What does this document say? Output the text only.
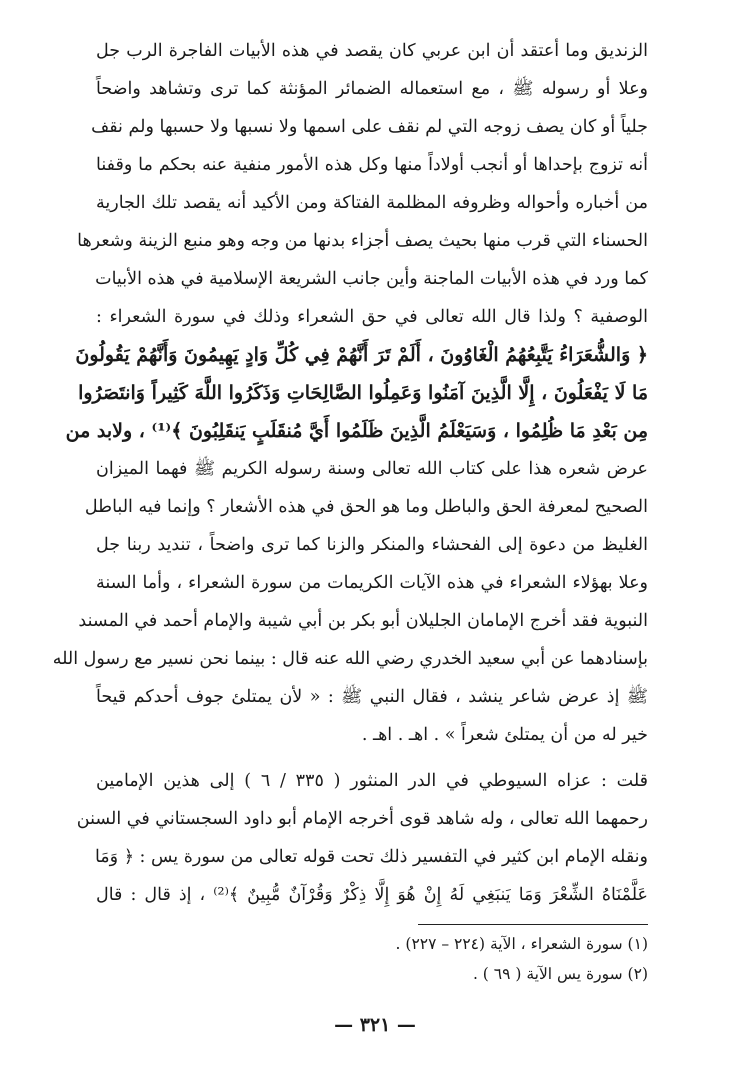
الزنديق وما أعتقد أن ابن عربي كان يقصد في هذه الأبيات الفاجرة الرب جل
وعلا أو رسوله ﷺ ، مع استعماله الضمائر المؤنثة كما ترى وتشاهد واضحاً
جلياً أو كان يصف زوجه التي لم نقف على اسمها ولا نسبها ولا حسبها ولم نقف
أنه تزوج بإحداها أو أنجب أولاداً منها وكل هذه الأمور منفية عنه بحكم ما وقفنا
من أخباره وأحواله وظروفه المظلمة الفتاكة ومن الأكيد أنه يقصد تلك الجارية
الحسناء التي قرب منها بحيث يصف أجزاء بدنها من وجه وهو منبع الزينة وشعرها
كما ورد في هذه الأبيات الماجنة وأين جانب الشريعة الإسلامية في هذه الأبيات
الوصفية ؟ ولذا قال الله تعالى في حق الشعراء وذلك في سورة الشعراء :
﴿ وَالشُّعَرَاءُ يَتَّبِعُهُمُ الْغَاوُونَ ، أَلَمْ تَرَ أَنَّهُمْ فِي كُلِّ وَادٍ يَهِيمُونَ وَأَنَّهُمْ يَقُولُونَ
مَا لَا يَفْعَلُونَ ، إِلَّا الَّذِينَ آمَنُوا وَعَمِلُوا الصَّالِحَاتِ وَذَكَرُوا اللَّهَ كَثِيراً وَانتَصَرُوا
مِن بَعْدِ مَا ظُلِمُوا ، وَسَيَعْلَمُ الَّذِينَ ظَلَمُوا أَيَّ مُنقَلَبٍ يَنقَلِبُونَ ﴾⁽¹⁾ ، ولابد من
عرض شعره هذا على كتاب الله تعالى وسنة رسوله الكريم ﷺ فهما الميزان
الصحيح لمعرفة الحق والباطل وما هو الحق في هذه الأشعار ؟ وإنما فيه الباطل
الغليظ من دعوة إلى الفحشاء والمنكر والزنا كما ترى واضحاً ، تنديد ربنا جل
وعلا بهؤلاء الشعراء في هذه الآيات الكريمات من سورة الشعراء ، وأما السنة
النبوية فقد أخرج الإمامان الجليلان أبو بكر بن أبي شيبة والإمام أحمد في المسند
بإسنادهما عن أبي سعيد الخدري رضي الله عنه قال : بينما نحن نسير مع رسول الله
ﷺ إذ عرض شاعر ينشد ، فقال النبي ﷺ : « لأن يمتلئ جوف أحدكم قيحاً
خير له من أن يمتلئ شعراً » . اهـ . اهـ .
قلت : عزاه السيوطي في الدر المنثور ( ٣٣٥ / ٦ ) إلى هذين الإمامين
رحمهما الله تعالى ، وله شاهد قوى أخرجه الإمام أبو داود السجستاني في السنن
ونقله الإمام ابن كثير في التفسير ذلك تحت قوله تعالى من سورة يس : ﴿ وَمَا
عَلَّمْنَاهُ الشِّعْرَ وَمَا يَنبَغِي لَهُ إِنْ هُوَ إِلَّا ذِكْرٌ وَقُرْآنٌ مُّبِينٌ ﴾⁽²⁾ ، إذ قال : قال
(١) سورة الشعراء ، الآية (٢٢٤ – ٢٢٧) .
(٢) سورة يس الآية ( ٦٩ ) .
— ٣٢١ —
